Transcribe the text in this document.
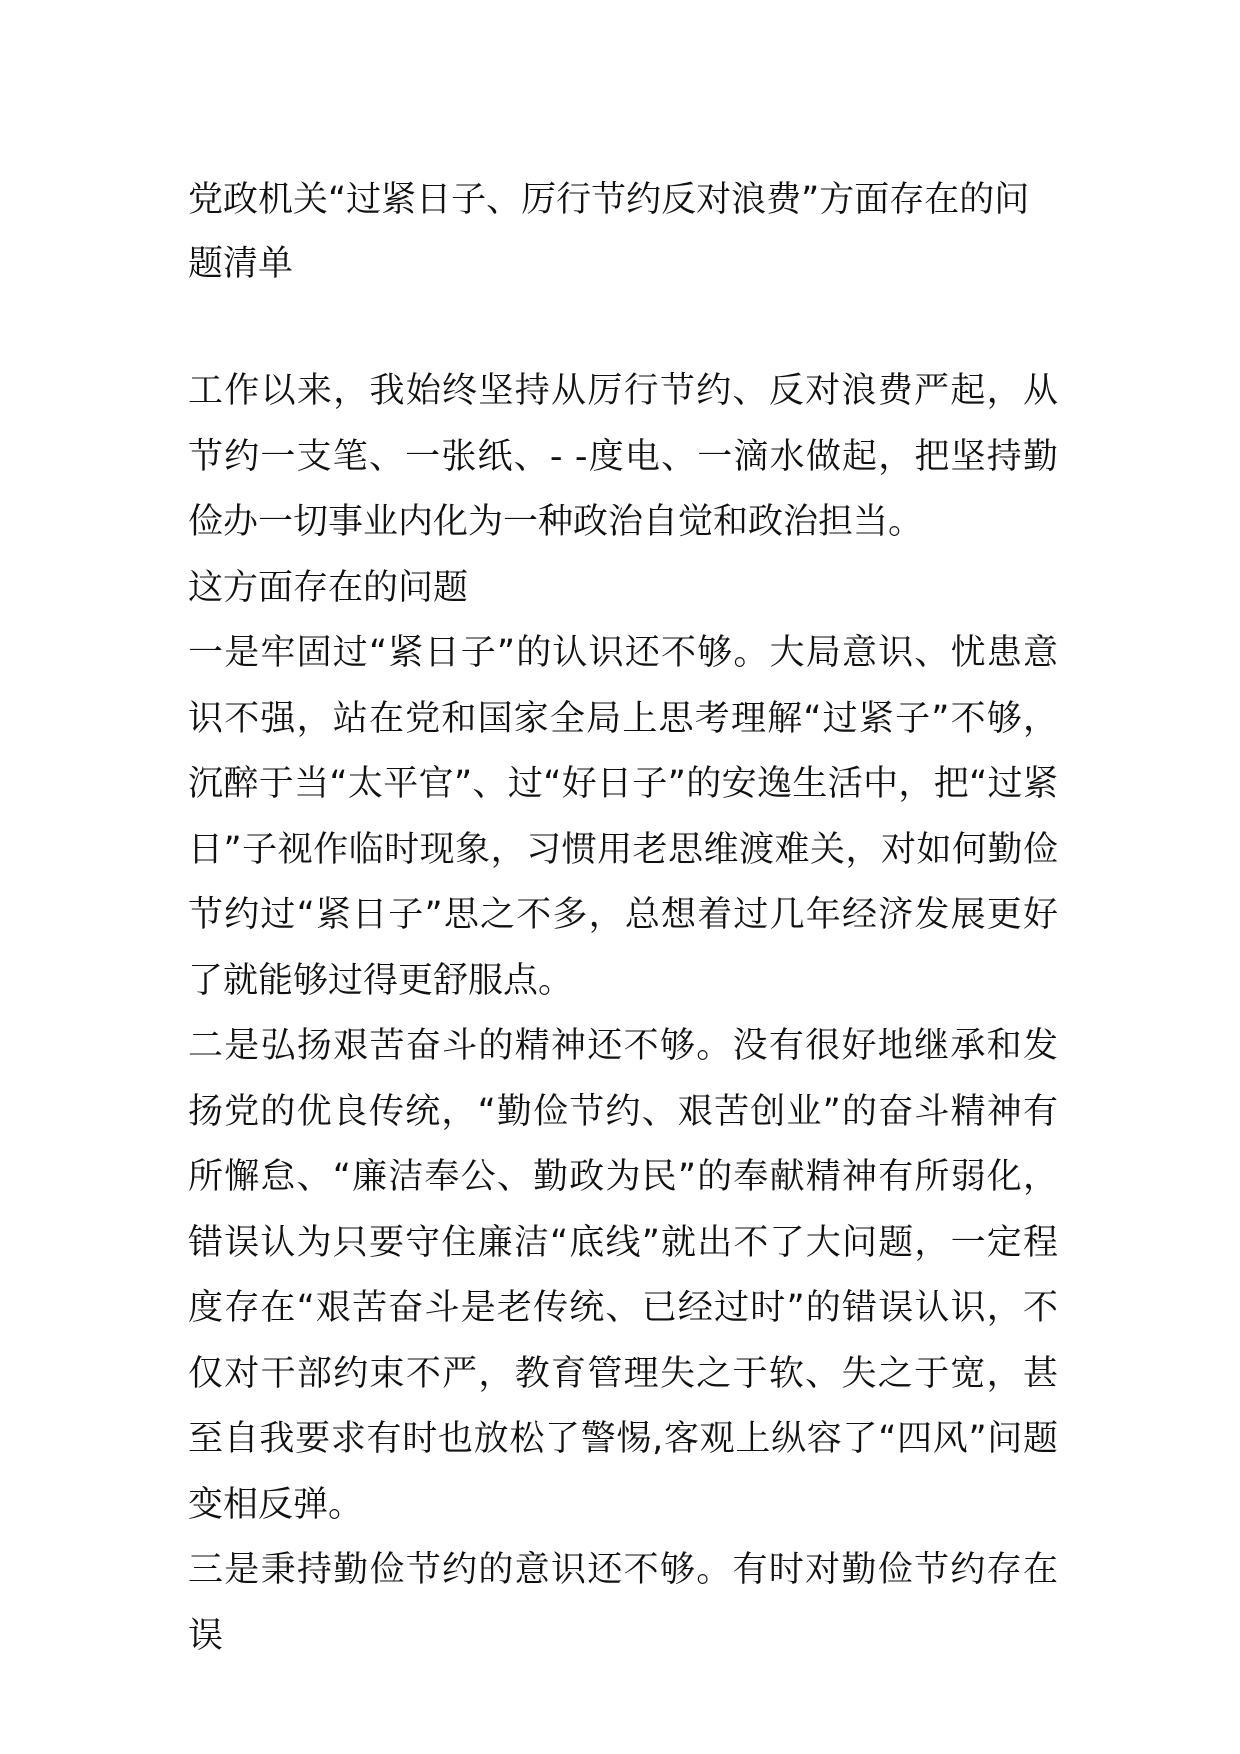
党政机关“过紧日子、厉行节约反对浪费”方面存在的问题清单

工作以来，我始终坚持从厉行节约、反对浪费严起，从节约一支笔、一张纸、- -度电、一滴水做起，把坚持勤俭办一切事业内化为一种政治自觉和政治担当。

这方面存在的问题

一是牢固过“紧日子”的认识还不够。大局意识、忧患意识不强，站在党和国家全局上思考理解“过紧子”不够，沉醉于当“太平官”、过“好日子”的安逸生活中，把“过紧日”子视作临时现象，习惯用老思维渡难关，对如何勤俭节约过“紧日子”思之不多，总想着过几年经济发展更好了就能够过得更舒服点。

二是弘扬艰苦奋斗的精神还不够。没有很好地继承和发扬党的优良传统，“勤俭节约、艰苦创业”的奋斗精神有所懈怠、“廉洁奉公、勤政为民”的奉献精神有所弱化，错误认为只要守住廉洁“底线”就出不了大问题，一定程度存在“艰苦奋斗是老传统、已经过时”的错误认识，不仅对干部约束不严，教育管理失之于软、失之于宽，甚至自我要求有时也放松了警惕,客观上纵容了“四风”问题变相反弹。

三是秉持勤俭节约的意识还不够。有时对勤俭节约存在误
